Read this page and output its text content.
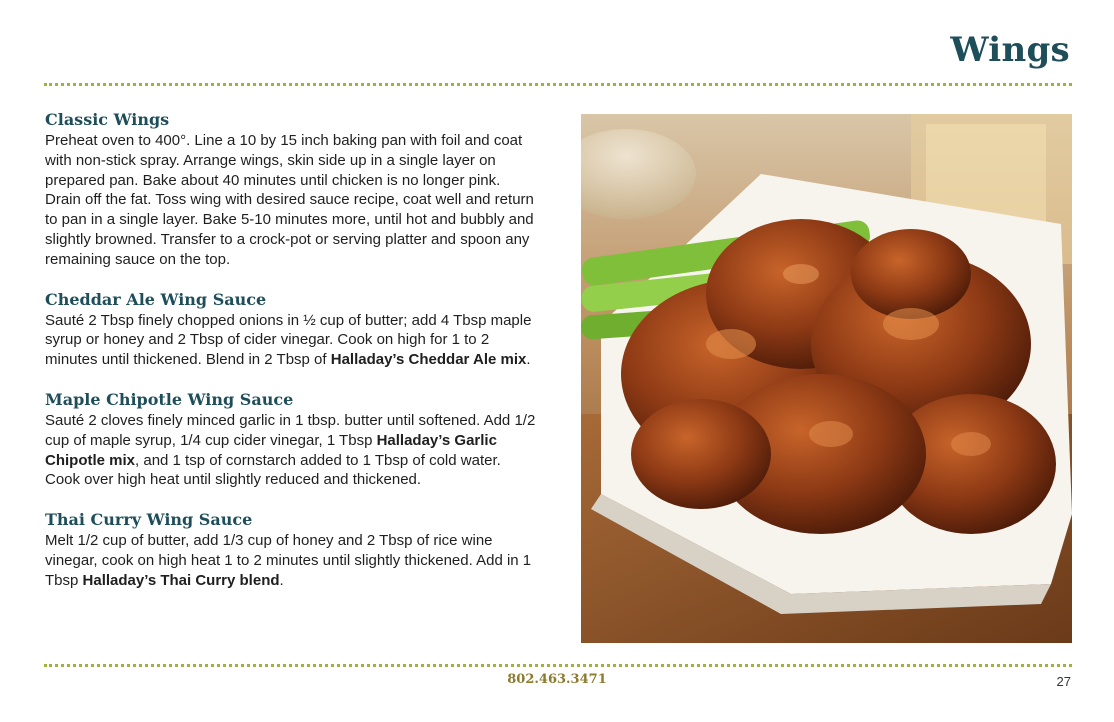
Wings
Classic Wings

Preheat oven to 400°. Line a 10 by 15 inch baking pan with foil and coat with non-stick spray. Arrange wings, skin side up in a single layer on prepared pan. Bake about 40 minutes until chicken is no longer pink. Drain off the fat. Toss wing with desired sauce recipe, coat well and return to pan in a single layer. Bake 5-10 minutes more, until hot and bubbly and slightly browned. Transfer to a crock-pot or serving platter and spoon any remaining sauce on the top.

Cheddar Ale Wing Sauce

Sauté 2 Tbsp finely chopped onions in ½ cup of butter; add 4 Tbsp maple syrup or honey and 2 Tbsp of cider vinegar. Cook on high for 1 to 2 minutes until thickened. Blend in 2 Tbsp of Halladay’s Cheddar Ale mix.

Maple Chipotle Wing Sauce

Sauté 2 cloves finely minced garlic in 1 tbsp. butter until softened. Add 1/2 cup of maple syrup, 1/4 cup cider vinegar, 1 Tbsp Halladay’s Garlic Chipotle mix, and 1 tsp of cornstarch added to 1 Tbsp of cold water. Cook over high heat until slightly reduced and thickened.

Thai Curry Wing Sauce

Melt 1/2 cup of butter, add 1/3 cup of honey and 2 Tbsp of rice wine vinegar, cook on high heat 1 to 2 minutes until slightly thickened. Add in 1 Tbsp Halladay’s Thai Curry blend.

802.463.3471	27
